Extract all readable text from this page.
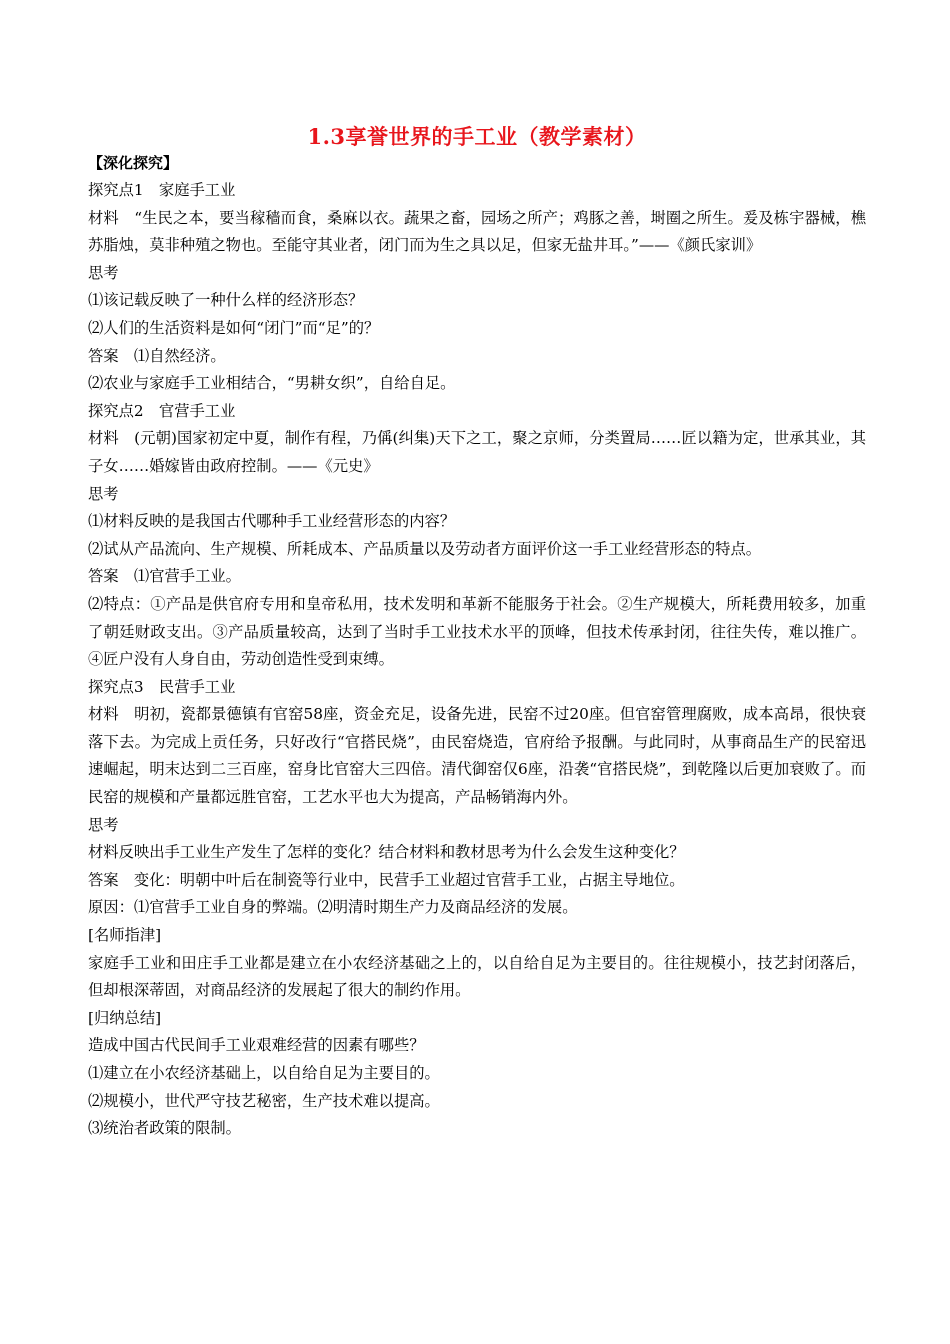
1.3享誉世界的手工业（教学素材）
【深化探究】

探究点1　家庭手工业

材料　“生民之本，要当稼穑而食，桑麻以衣。蔬果之畜，园场之所产；鸡豚之善，埘圈之所生。爰及栋宇器械，樵苏脂烛，莫非种殖之物也。至能守其业者，闭门而为生之具以足，但家无盐井耳。”——《颜氏家训》

思考

⑴该记载反映了一种什么样的经济形态？

⑵人们的生活资料是如何“闭门”而“足”的？

答案　⑴自然经济。

⑵农业与家庭手工业相结合，“男耕女织”，自给自足。

探究点2　官营手工业

材料　(元朝)国家初定中夏，制作有程，乃偁(纠集)天下之工，聚之京师，分类置局……匠以籍为定，世承其业，其子女……婚嫁皆由政府控制。——《元史》

思考

⑴材料反映的是我国古代哪种手工业经营形态的内容？

⑵试从产品流向、生产规模、所耗成本、产品质量以及劳动者方面评价这一手工业经营形态的特点。

答案　⑴官营手工业。

⑵特点：①产品是供官府专用和皇帝私用，技术发明和革新不能服务于社会。②生产规模大，所耗费用较多，加重了朝廷财政支出。③产品质量较高，达到了当时手工业技术水平的顶峰，但技术传承封闭，往往失传，难以推广。④匠户没有人身自由，劳动创造性受到束缚。

探究点3　民营手工业

材料　明初，瓷都景德镇有官窑58座，资金充足，设备先进，民窑不过20座。但官窑管理腐败，成本高昂，很快衰落下去。为完成上贡任务，只好改行“官搭民烧”，由民窑烧造，官府给予报酬。与此同时，从事商品生产的民窑迅速崛起，明末达到二三百座，窑身比官窑大三四倍。清代御窑仅6座，沿袭“官搭民烧”，到乾隆以后更加衰败了。而民窑的规模和产量都远胜官窑，工艺水平也大为提高，产品畅销海内外。

思考

材料反映出手工业生产发生了怎样的变化？结合材料和教材思考为什么会发生这种变化？

答案　变化：明朝中叶后在制瓷等行业中，民营手工业超过官营手工业，占据主导地位。

原因：⑴官营手工业自身的弊端。⑵明清时期生产力及商品经济的发展。

[名师指津]

家庭手工业和田庄手工业都是建立在小农经济基础之上的，以自给自足为主要目的。往往规模小，技艺封闭落后，但却根深蒂固，对商品经济的发展起了很大的制约作用。

[归纳总结]

造成中国古代民间手工业艰难经营的因素有哪些？

⑴建立在小农经济基础上，以自给自足为主要目的。

⑵规模小，世代严守技艺秘密，生产技术难以提高。

⑶统治者政策的限制。
